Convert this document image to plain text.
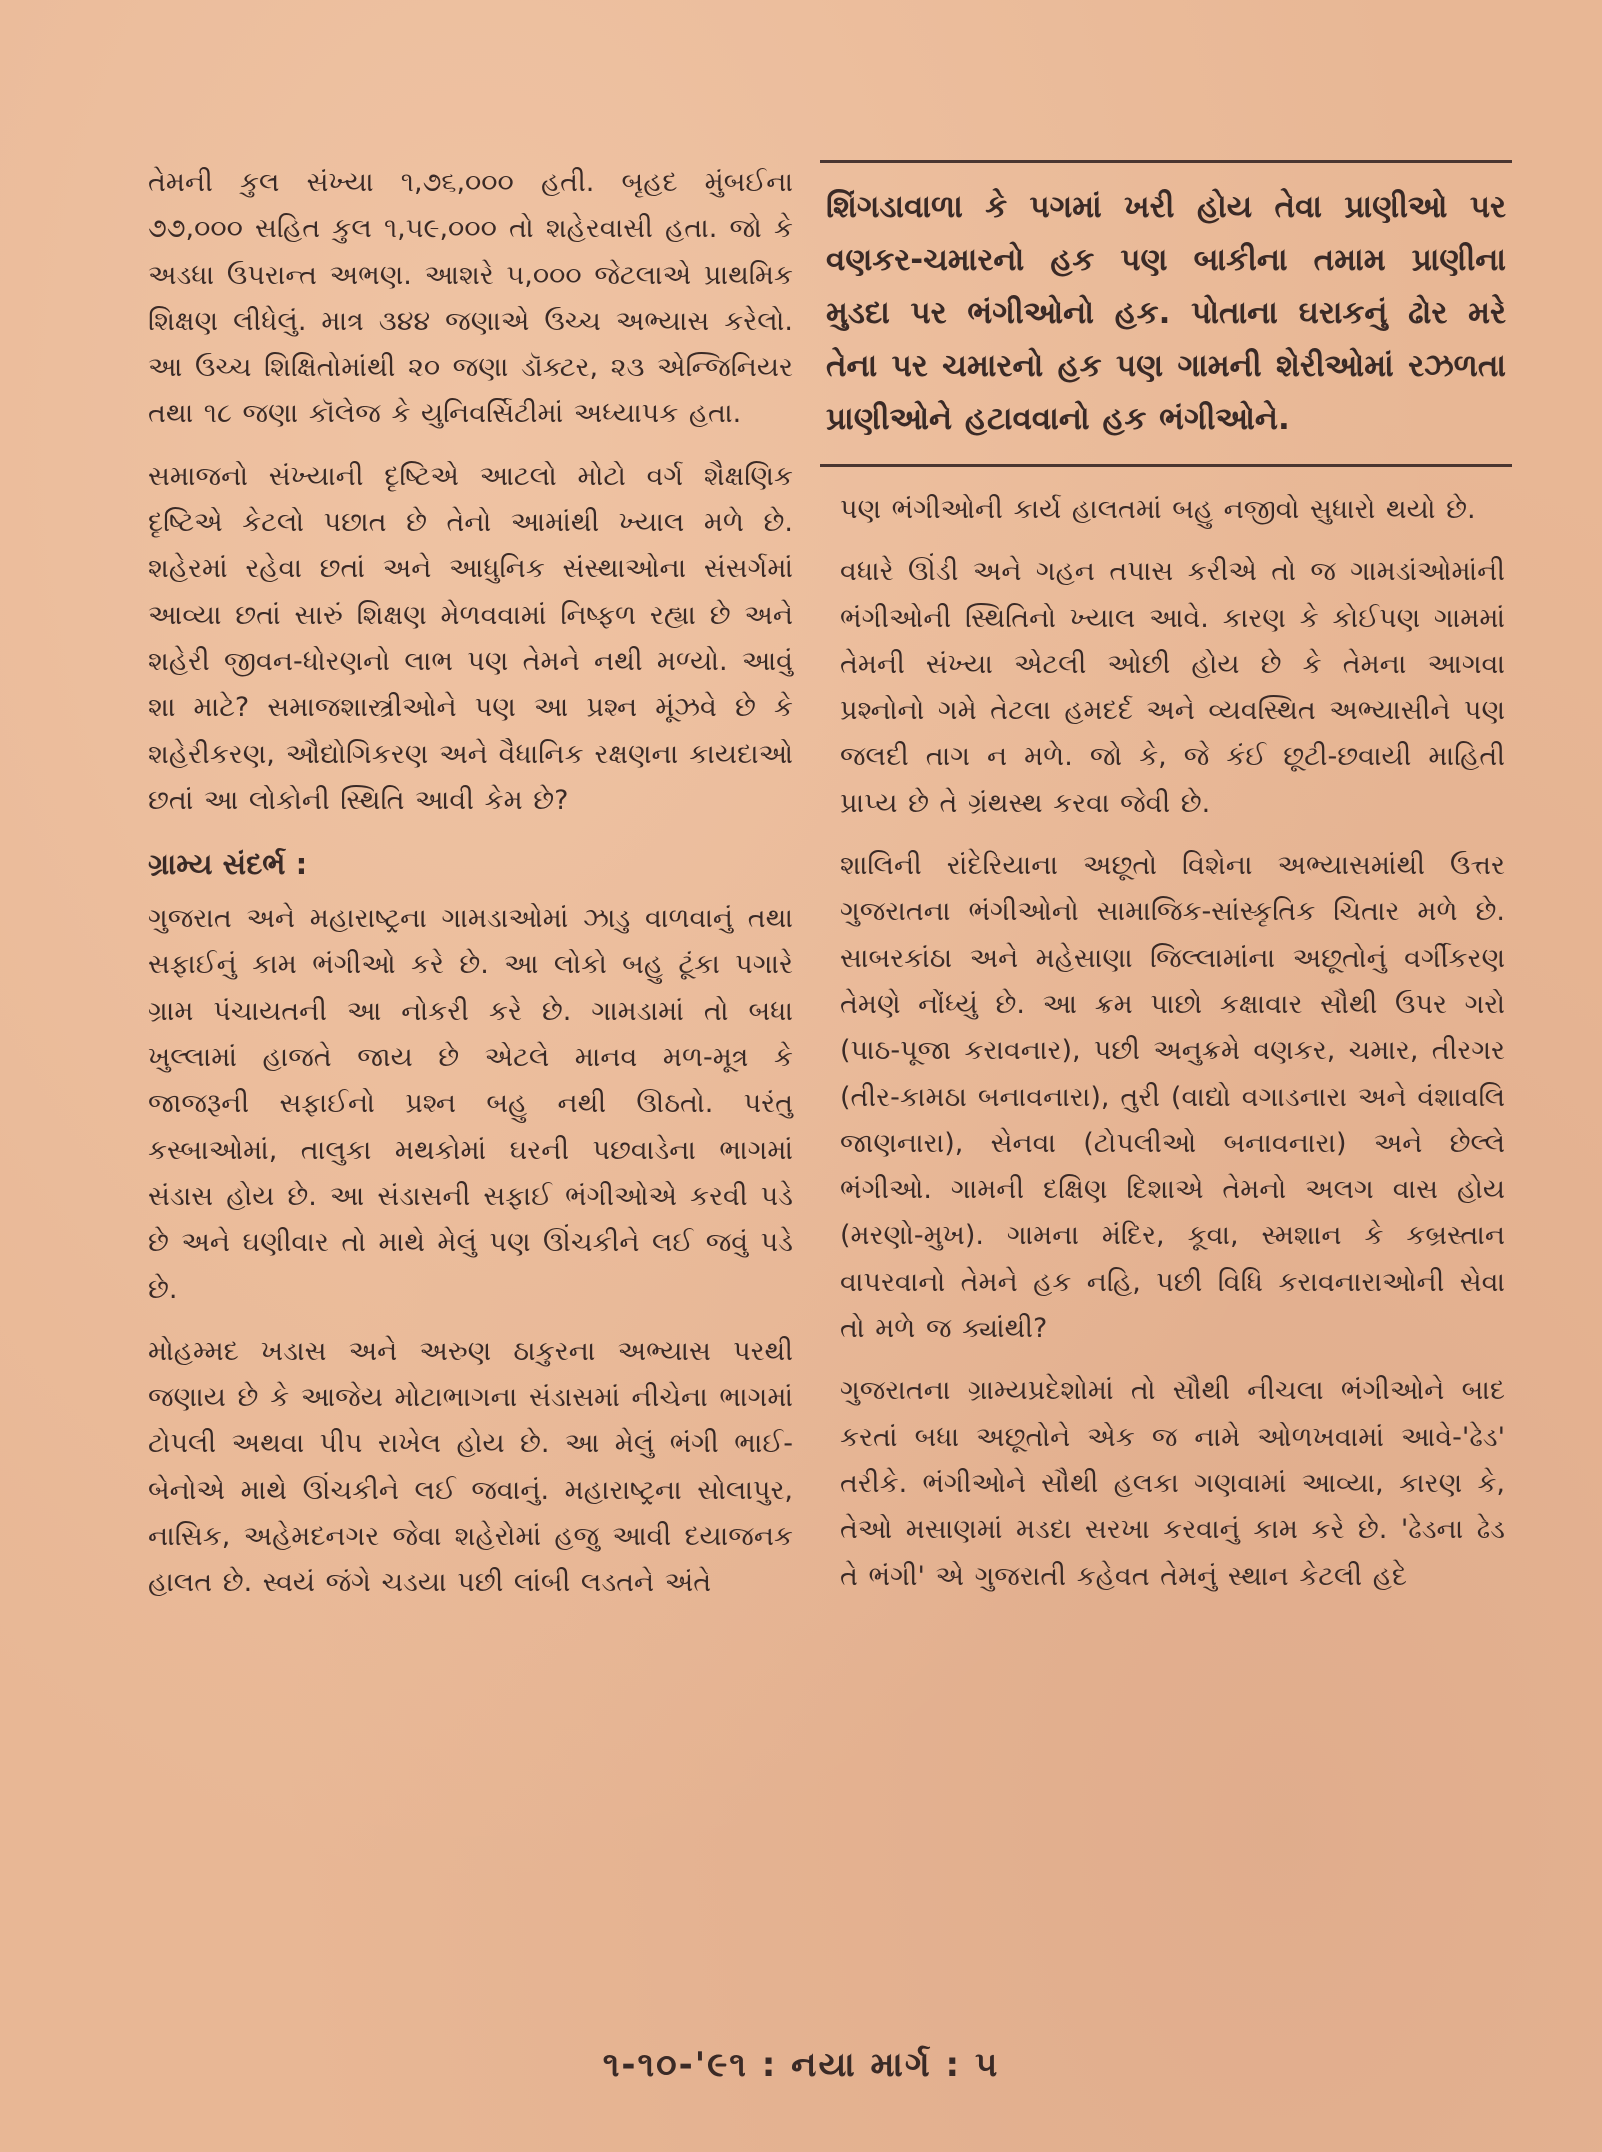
તેમની કુલ સંખ્યા ૧,૭૬,૦૦૦ હતી. બૃહદ મુંબઈના ૭૭,૦૦૦ સહિત કુલ ૧,૫૯,૦૦૦ તો શહેરવાસી હતા. જો કે અડધા ઉપરાન્ત અભણ. આશરે ૫,૦૦૦ જેટલાએ પ્રાથમિક શિક્ષણ લીધેલું. માત્ર ૩૪૪ જણાએ ઉચ્ચ અભ્યાસ કરેલો. આ ઉચ્ચ શિક્ષિતોમાંથી ૨૦ જણા ડૉક્ટર, ૨૩ એન્જિનિયર તથા ૧૮ જણા કૉલેજ કે યુનિવર્સિટીમાં અધ્યાપક હતા.

સમાજનો સંખ્યાની દૃષ્ટિએ આટલો મોટો વર્ગ શૈક્ષણિક દૃષ્ટિએ કેટલો પછાત છે તેનો આમાંથી ખ્યાલ મળે છે. શહેરમાં રહેવા છતાં અને આધુનિક સંસ્થાઓના સંસર્ગમાં આવ્યા છતાં સારું શિક્ષણ મેળવવામાં નિષ્ફળ રહ્યા છે અને શહેરી જીવન-ધોરણનો લાભ પણ તેમને નથી મળ્યો. આવું શા માટે? સમાજશાસ્ત્રીઓને પણ આ પ્રશ્ન મૂંઝવે છે કે શહેરીકરણ, ઔદ્યોગિકરણ અને વૈધાનિક રક્ષણના કાયદાઓ છતાં આ લોકોની સ્થિતિ આવી કેમ છે?

ગ્રામ્ય સંદર્ભ :

ગુજરાત અને મહારાષ્ટ્રના ગામડાઓમાં ઝાડુ વાળવાનું તથા સફાઈનું કામ ભંગીઓ કરે છે. આ લોકો બહુ ટૂંકા પગારે ગ્રામ પંચાયતની આ નોકરી કરે છે. ગામડામાં તો બધા ખુલ્લામાં હાજતે જાય છે એટલે માનવ મળ-મૂત્ર કે જાજરૂની સફાઈનો પ્રશ્ન બહુ નથી ઊઠતો. પરંતુ કસ્બાઓમાં, તાલુકા મથકોમાં ઘરની પછવાડેના ભાગમાં સંડાસ હોય છે. આ સંડાસની સફાઈ ભંગીઓએ કરવી પડે છે અને ઘણીવાર તો માથે મેલું પણ ઊંચકીને લઈ જવું પડે છે.

મોહમ્મદ ખડાસ અને અરુણ ઠાકુરના અભ્યાસ પરથી જણાય છે કે આજેય મોટાભાગના સંડાસમાં નીચેના ભાગમાં ટોપલી અથવા પીપ રાખેલ હોય છે. આ મેલું ભંગી ભાઈ-બેનોએ માથે ઊંચકીને લઈ જવાનું. મહારાષ્ટ્રના સોલાપુર, નાસિક, અહેમદનગર જેવા શહેરોમાં હજુ આવી દયાજનક હાલત છે. સ્વયં જંગે ચડયા પછી લાંબી લડતને અંતે

શિંગડાવાળા કે પગમાં ખરી હોય તેવા પ્રાણીઓ પર વણકર-ચમારનો હક પણ બાકીના તમામ પ્રાણીના મુડદા પર ભંગીઓનો હક. પોતાના ઘરાકનું ઢોર મરે તેના પર ચમારનો હક પણ ગામની શેરીઓમાં રઝળતા પ્રાણીઓને હટાવવાનો હક ભંગીઓને.

પણ ભંગીઓની કાર્ય હાલતમાં બહુ નજીવો સુધારો થયો છે.

વધારે ઊંડી અને ગહન તપાસ કરીએ તો જ ગામડાંઓમાંની ભંગીઓની સ્થિતિનો ખ્યાલ આવે. કારણ કે કોઈપણ ગામમાં તેમની સંખ્યા એટલી ઓછી હોય છે કે તેમના આગવા પ્રશ્નોનો ગમે તેટલા હમદર્દ અને વ્યવસ્થિત અભ્યાસીને પણ જલદી તાગ ન મળે. જો કે, જે કંઈ છૂટી-છવાયી માહિતી પ્રાપ્ય છે તે ગ્રંથસ્થ કરવા જેવી છે.

શાલિની રાંદેરિયાના અછૂતો વિશેના અભ્યાસમાંથી ઉત્તર ગુજરાતના ભંગીઓનો સામાજિક-સાંસ્કૃતિક ચિતાર મળે છે. સાબરકાંઠા અને મહેસાણા જિલ્લામાંના અછૂતોનું વર્ગીકરણ તેમણે નોંધ્યું છે. આ ક્રમ પાછો કક્ષાવાર સૌથી ઉપર ગરો (પાઠ-પૂજા કરાવનાર), પછી અનુક્રમે વણકર, ચમાર, તીરગર (તીર-કામઠા બનાવનારા), તુરી (વાદ્યો વગાડનારા અને વંશાવલિ જાણનારા), સેનવા (ટોપલીઓ બનાવનારા) અને છેલ્લે ભંગીઓ. ગામની દક્ષિણ દિશાએ તેમનો અલગ વાસ હોય (મરણો-મુખ). ગામના મંદિર, કૂવા, સ્મશાન કે કબ્રસ્તાન વાપરવાનો તેમને હક નહિ, પછી વિધિ કરાવનારાઓની સેવા તો મળે જ ક્યાંથી?

ગુજરાતના ગ્રામ્યપ્રદેશોમાં તો સૌથી નીચલા ભંગીઓને બાદ કરતાં બધા અછૂતોને એક જ નામે ઓળખવામાં આવે-'ઢેડ' તરીકે. ભંગીઓને સૌથી હલકા ગણવામાં આવ્યા, કારણ કે, તેઓ મસાણમાં મડદા સરખા કરવાનું કામ કરે છે. 'ઢેડના ઢેડ તે ભંગી' એ ગુજરાતી કહેવત તેમનું સ્થાન કેટલી હદે

૧-૧૦-'૯૧ : નયા માર્ગ : ૫
